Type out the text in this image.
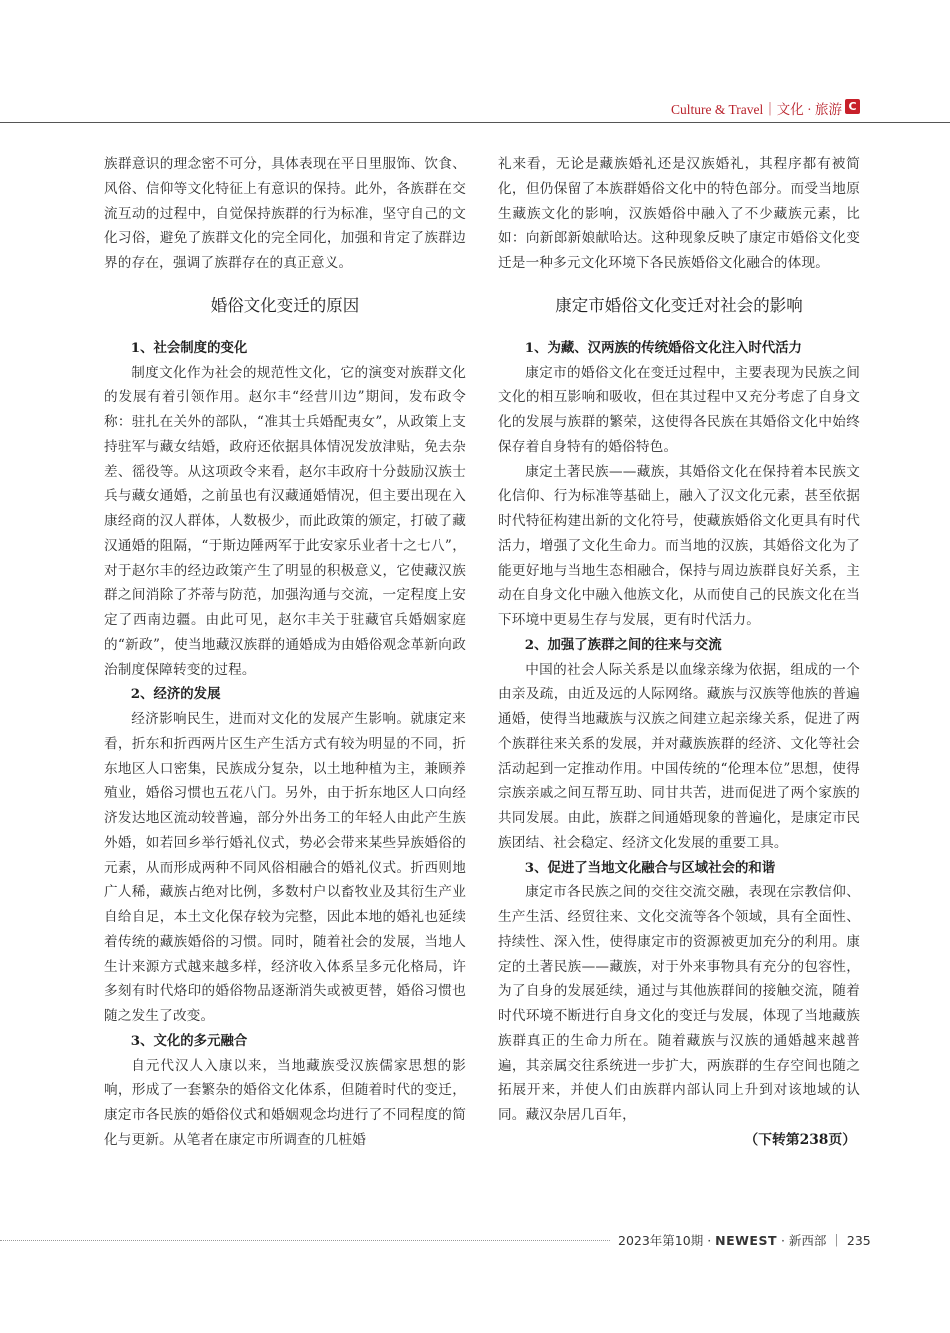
Culture & Travel｜文化 · 旅游 C

族群意识的理念密不可分，具体表现在平日里服饰、饮食、风俗、信仰等文化特征上有意识的保持。此外，各族群在交流互动的过程中，自觉保持族群的行为标准，坚守自己的文化习俗，避免了族群文化的完全同化，加强和肯定了族群边界的存在，强调了族群存在的真正意义。

婚俗文化变迁的原因
1、社会制度的变化

制度文化作为社会的规范性文化，它的演变对族群文化的发展有着引领作用。赵尔丰“经营川边”期间，发布政令称：驻扎在关外的部队，“准其士兵婚配夷女”，从政策上支持驻军与藏女结婚，政府还依据具体情况发放津贴，免去杂差、徭役等。从这项政令来看，赵尔丰政府十分鼓励汉族士兵与藏女通婚，之前虽也有汉藏通婚情况，但主要出现在入康经商的汉人群体，人数极少，而此政策的颁定，打破了藏汉通婚的阻隔，“于斯边陲两军于此安家乐业者十之七八”，对于赵尔丰的经边政策产生了明显的积极意义，它使藏汉族群之间消除了芥蒂与防范，加强沟通与交流，一定程度上安定了西南边疆。由此可见，赵尔丰关于驻藏官兵婚姻家庭的“新政”，使当地藏汉族群的通婚成为由婚俗观念革新向政治制度保障转变的过程。

2、经济的发展

经济影响民生，进而对文化的发展产生影响。就康定来看，折东和折西两片区生产生活方式有较为明显的不同，折东地区人口密集，民族成分复杂，以土地种植为主，兼顾养殖业，婚俗习惯也五花八门。另外，由于折东地区人口向经济发达地区流动较普遍，部分外出务工的年轻人由此产生族外婚，如若回乡举行婚礼仪式，势必会带来某些异族婚俗的元素，从而形成两种不同风俗相融合的婚礼仪式。折西则地广人稀，藏族占绝对比例，多数村户以畜牧业及其衍生产业自给自足，本土文化保存较为完整，因此本地的婚礼也延续着传统的藏族婚俗的习惯。同时，随着社会的发展，当地人生计来源方式越来越多样，经济收入体系呈多元化格局，许多刻有时代烙印的婚俗物品逐渐消失或被更替，婚俗习惯也随之发生了改变。

3、文化的多元融合

自元代汉人入康以来，当地藏族受汉族儒家思想的影响，形成了一套繁杂的婚俗文化体系，但随着时代的变迁，康定市各民族的婚俗仪式和婚姻观念均进行了不同程度的简化与更新。从笔者在康定市所调查的几桩婚

礼来看，无论是藏族婚礼还是汉族婚礼，其程序都有被简化，但仍保留了本族群婚俗文化中的特色部分。而受当地原生藏族文化的影响，汉族婚俗中融入了不少藏族元素，比如：向新郎新娘献哈达。这种现象反映了康定市婚俗文化变迁是一种多元文化环境下各民族婚俗文化融合的体现。

康定市婚俗文化变迁对社会的影响
1、为藏、汉两族的传统婚俗文化注入时代活力

康定市的婚俗文化在变迁过程中，主要表现为民族之间文化的相互影响和吸收，但在其过程中又充分考虑了自身文化的发展与族群的繁荣，这使得各民族在其婚俗文化中始终保存着自身特有的婚俗特色。

康定土著民族——藏族，其婚俗文化在保持着本民族文化信仰、行为标准等基础上，融入了汉文化元素，甚至依据时代特征构建出新的文化符号，使藏族婚俗文化更具有时代活力，增强了文化生命力。而当地的汉族，其婚俗文化为了能更好地与当地生态相融合，保持与周边族群良好关系，主动在自身文化中融入他族文化，从而使自己的民族文化在当下环境中更易生存与发展，更有时代活力。

2、加强了族群之间的往来与交流

中国的社会人际关系是以血缘亲缘为依据，组成的一个由亲及疏，由近及远的人际网络。藏族与汉族等他族的普遍通婚，使得当地藏族与汉族之间建立起亲缘关系，促进了两个族群往来关系的发展，并对藏族族群的经济、文化等社会活动起到一定推动作用。中国传统的“伦理本位”思想，使得宗族亲戚之间互帮互助、同甘共苦，进而促进了两个家族的共同发展。由此，族群之间通婚现象的普遍化，是康定市民族团结、社会稳定、经济文化发展的重要工具。

3、促进了当地文化融合与区域社会的和谐

康定市各民族之间的交往交流交融，表现在宗教信仰、生产生活、经贸往来、文化交流等各个领域，具有全面性、持续性、深入性，使得康定市的资源被更加充分的利用。康定的土著民族——藏族，对于外来事物具有充分的包容性，为了自身的发展延续，通过与其他族群间的接触交流，随着时代环境不断进行自身文化的变迁与发展，体现了当地藏族族群真正的生命力所在。随着藏族与汉族的通婚越来越普遍，其亲属交往系统进一步扩大，两族群的生存空间也随之拓展开来，并使人们由族群内部认同上升到对该地域的认同。藏汉杂居几百年，

（下转第238页）
2023年第10期 · NEWEST · 新西部 ｜ 235
